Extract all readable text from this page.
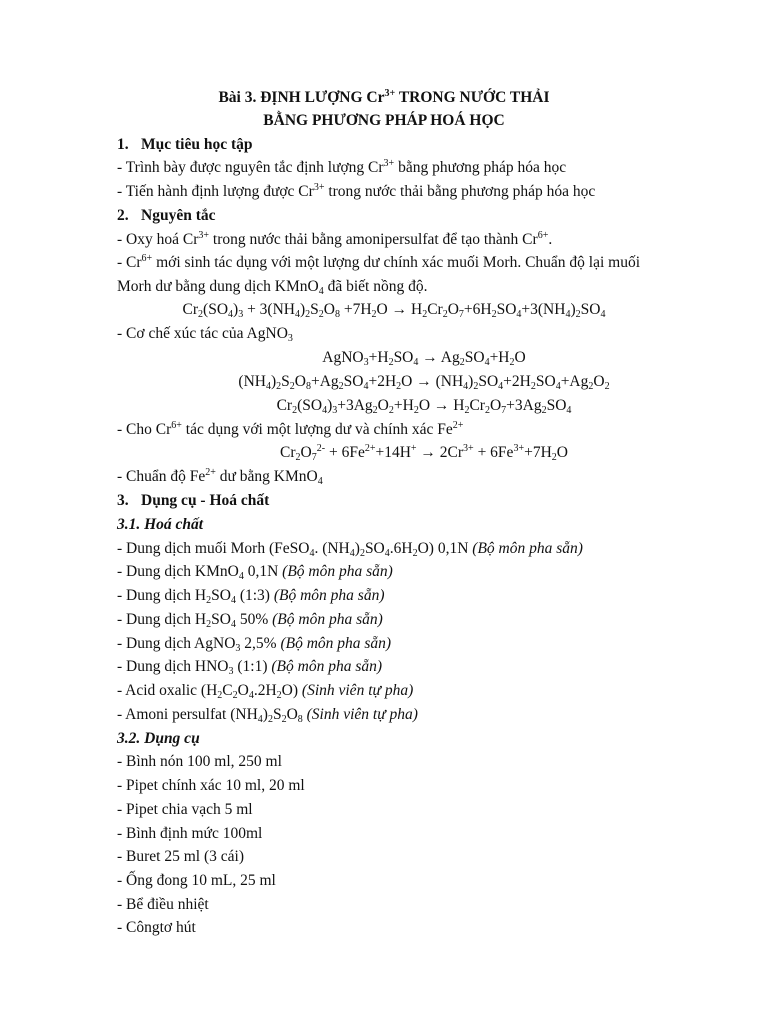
Bài 3. ĐỊNH LƯỢNG $Cr^{3+}$ TRONG NƯỚC THẢI
BẰNG PHƯƠNG PHÁP HOÁ HỌC
1. Mục tiêu học tập
- Trình bày được nguyên tắc định lượng $Cr^{3+}$ bằng phương pháp hóa học
- Tiến hành định lượng được $Cr^{3+}$ trong nước thải bằng phương pháp hóa học
2. Nguyên tắc
- Oxy hoá $Cr^{3+}$ trong nước thải bằng amonipersulfat để tạo thành $Cr^{6+}$.
- $Cr^{6+}$ mới sinh tác dụng với một lượng dư chính xác muối Morh. Chuẩn độ lại muối
Morh dư bằng dung dịch KMnO$_4$ đã biết nồng độ.
$Cr_2(SO_4)_3 + 3(NH_4)_2S_2O_8 +7H_2O \to H_2Cr_2O_7+6H_2SO_4+3(NH_4)_2SO_4$
- Cơ chế xúc tác của AgNO$_3$
$AgNO_3+H_2SO_4 \to Ag_2SO_4+H_2O$
$(NH_4)_2S_2O_8+Ag_2SO_4+2H_2O \to (NH_4)_2SO_4+2H_2SO_4+Ag_2O_2$
$Cr_2(SO_4)_3+3Ag_2O_2+H_2O \to H_2Cr_2O_7+3Ag_2SO_4$
- Cho $Cr^{6+}$ tác dụng với một lượng dư và chính xác $Fe^{2+}$
$Cr_2O_7^{2-} + 6Fe^{2+}+14H^+ \to 2Cr^{3+} + 6Fe^{3+}+7H_2O$
- Chuẩn độ $Fe^{2+}$ dư bằng KMnO$_4$
3. Dụng cụ - Hoá chất
3.1. Hoá chất
- Dung dịch muối Morh (FeSO$_4$. $(NH_4)_2SO_4.6H_2O$) 0,1N (Bộ môn pha sẵn)
- Dung dịch KMnO$_4$ 0,1N (Bộ môn pha sẵn)
- Dung dịch $H_2SO_4$ (1:3) (Bộ môn pha sẵn)
- Dung dịch $H_2SO_4$ 50% (Bộ môn pha sẵn)
- Dung dịch AgNO$_3$ 2,5% (Bộ môn pha sẵn)
- Dung dịch $HNO_3$ (1:1) (Bộ môn pha sẵn)
- Acid oxalic $(H_2C_2O_4.2H_2O)$ (Sinh viên tự pha)
- Amoni persulfat $(NH_4)_2S_2O_8$ (Sinh viên tự pha)
3.2. Dụng cụ
- Bình nón 100 ml, 250 ml
- Pipet chính xác 10 ml, 20 ml
- Pipet chia vạch 5 ml
- Bình định mức 100ml
- Buret 25 ml (3 cái)
- Ống đong 10 mL, 25 ml
- Bể điều nhiệt
- Côngtơ hút
